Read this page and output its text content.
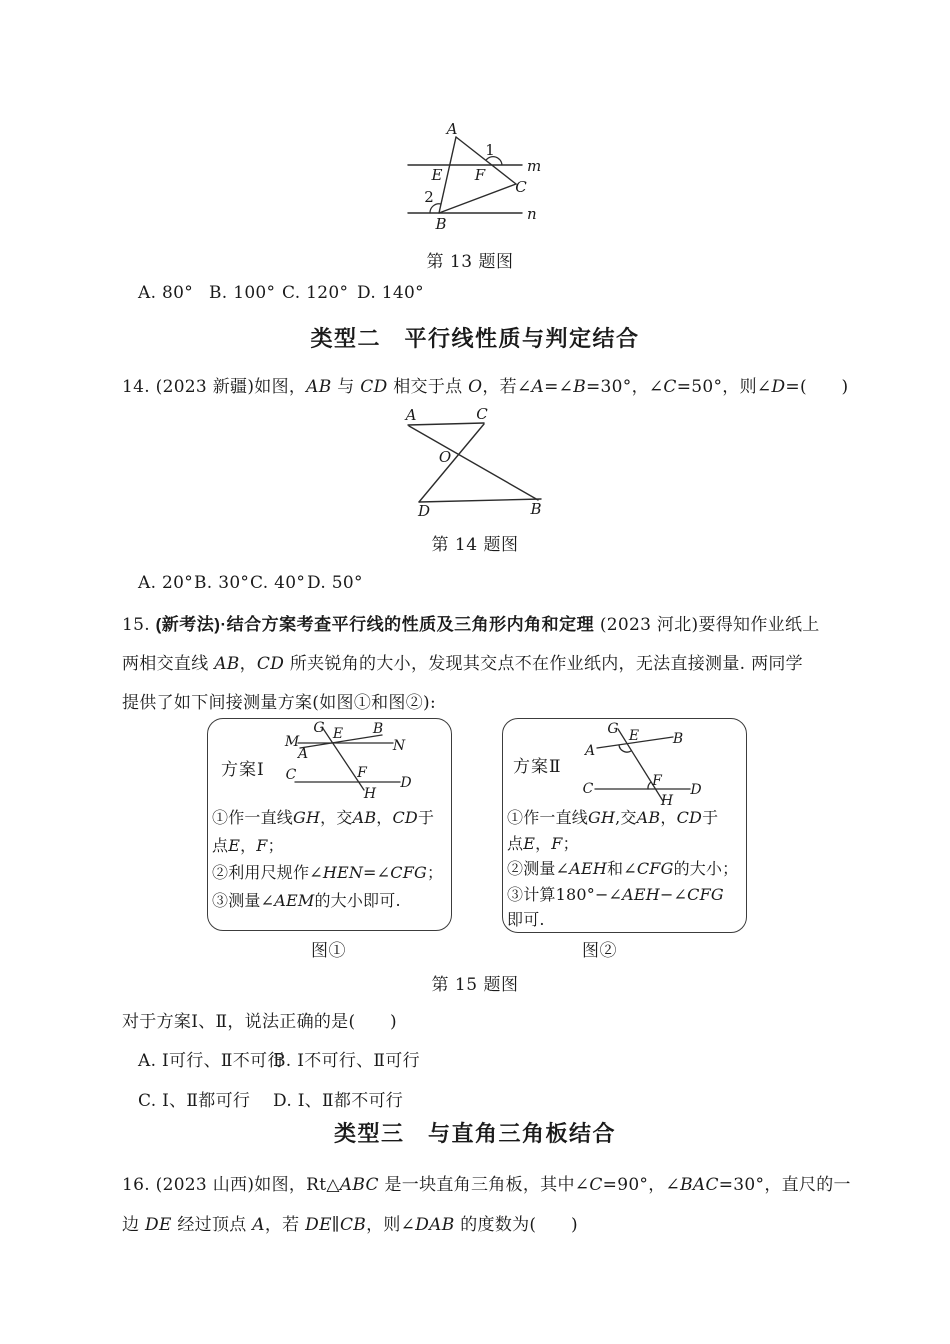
A
E F
1
2
B
C
m
n
第 13 题图
A. 80° B. 100° C. 120° D. 140°
类型二　平行线性质与判定结合
14. (2023 新疆)如图，AB 与 CD 相交于点 O，若∠A=∠B=30°，∠C=50°，则∠D=(　　)
A	C
O
D	B
第 14 题图
A. 20° B. 30° C. 40° D. 50°
15. (新考法)·结合方案考查平行线的性质及三角形内角和定理 (2023 河北)要得知作业纸上
两相交直线 AB，CD 所夹锐角的大小，发现其交点不在作业纸内，无法直接测量. 两同学
提供了如下间接测量方案(如图①和图②):
方案Ⅰ
M
A
G E B
N
C	F
H
D
①作一直线GH，交AB，CD于
点E，F；
②利用尺规作∠HEN=∠CFG；
③测量∠AEM的大小即可.
图①
方案Ⅱ
G E
A
B
C	F
H
D
①作一直线GH,交AB，CD于
点E，F；
②测量∠AEH和∠CFG的大小；
③计算180°−∠AEH−∠CFG
即可.
图②
第 15 题图
对于方案Ⅰ、Ⅱ，说法正确的是(　　)
A. Ⅰ可行、Ⅱ不可行
B. Ⅰ不可行、Ⅱ可行
C. Ⅰ、Ⅱ都可行	D. Ⅰ、Ⅱ都不可行
类型三　与直角三角板结合
16. (2023 山西)如图，Rt△ABC 是一块直角三角板，其中∠C=90°，∠BAC=30°，直尺的一
边 DE 经过顶点 A，若 DE∥CB，则∠DAB 的度数为(　　)
